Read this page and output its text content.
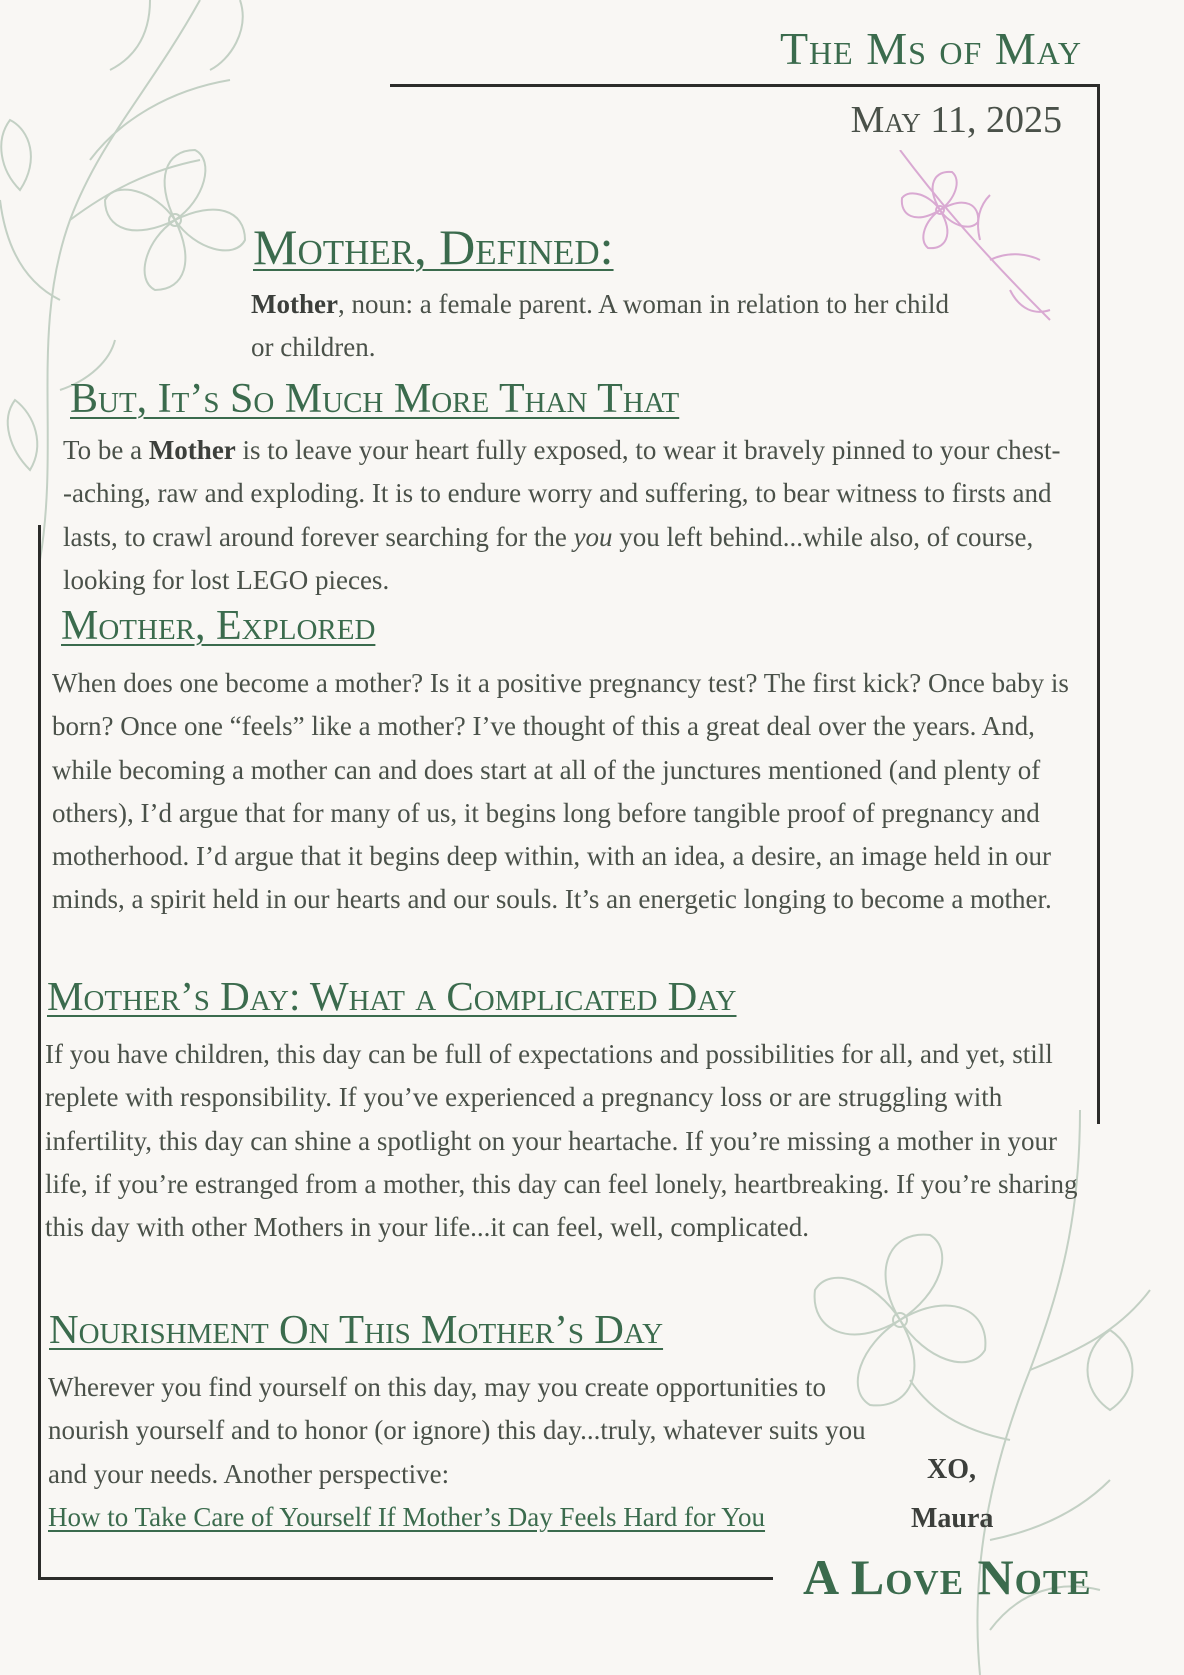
The Ms of May
May 11, 2025
Mother, Defined:

Mother, noun: a female parent. A woman in relation to her child or children.

But, It’s So Much More Than That

To be a Mother is to leave your heart fully exposed, to wear it bravely pinned to your chest--aching, raw and exploding. It is to endure worry and suffering, to bear witness to firsts and lasts, to crawl around forever searching for the you you left behind...while also, of course, looking for lost LEGO pieces.

Mother, Explored

When does one become a mother? Is it a positive pregnancy test? The first kick? Once baby is born? Once one “feels” like a mother? I’ve thought of this a great deal over the years. And, while becoming a mother can and does start at all of the junctures mentioned (and plenty of others), I’d argue that for many of us, it begins long before tangible proof of pregnancy and motherhood. I’d argue that it begins deep within, with an idea, a desire, an image held in our minds, a spirit held in our hearts and our souls. It’s an energetic longing to become a mother.

Mother’s Day: What a Complicated Day

If you have children, this day can be full of expectations and possibilities for all, and yet, still replete with responsibility. If you’ve experienced a pregnancy loss or are struggling with infertility, this day can shine a spotlight on your heartache. If you’re missing a mother in your life, if you’re estranged from a mother, this day can feel lonely, heartbreaking. If you’re sharing this day with other Mothers in your life...it can feel, well, complicated.

Nourishment On This Mother’s Day

Wherever you find yourself on this day, may you create opportunities to nourish yourself and to honor (or ignore) this day...truly, whatever suits you and your needs. Another perspective:
How to Take Care of Yourself If Mother’s Day Feels Hard for You

XO,
Maura
A Love Note
